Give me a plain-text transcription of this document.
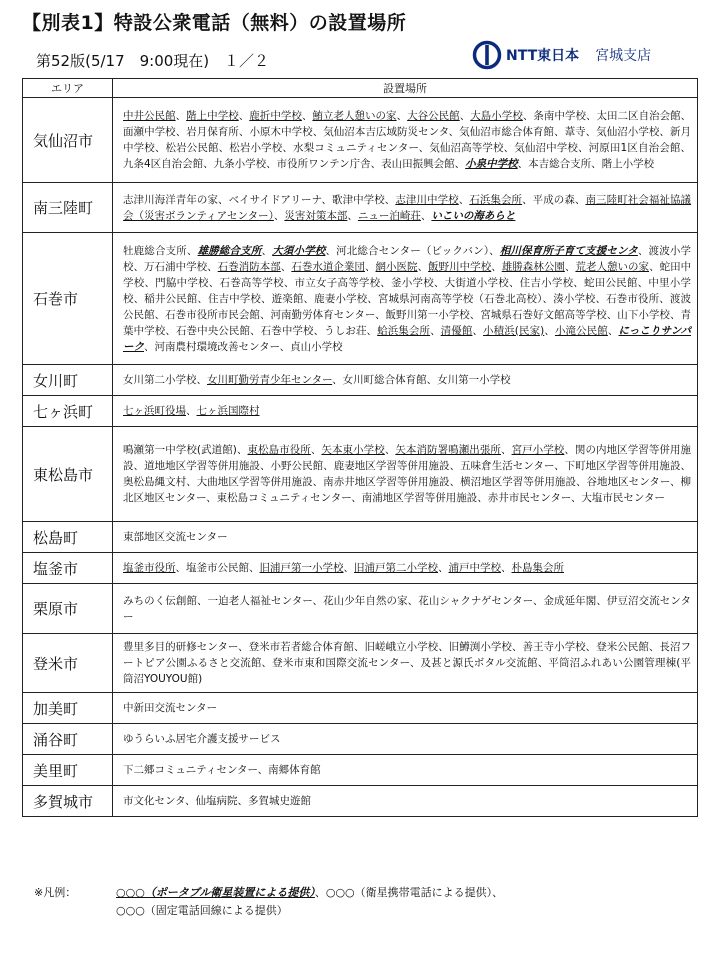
【別表1】特設公衆電話（無料）の設置場所
第52版(5/17　9:00現在) １／２	NTT東日本 宮城支店
エリア	設置場所
気仙沼市	中井公民館、階上中学校、鹿折中学校、鮪立老人憩いの家、大谷公民館、大島小学校、条南中学校、太田二区自治会館、面瀬中学校、岩月保育所、小原木中学校、気仙沼本吉広域防災センタ、気仙沼市総合体育館、葦寺、気仙沼小学校、新月中学校、松岩公民館、松岩小学校、水梨コミュニティセンター、気仙沼高等学校、気仙沼中学校、河原田1区自治会館、九条4区自治会館、九条小学校、市役所ワンテン庁舎、表山田振興会館、小泉中学校、本吉総合支所、階上小学校
南三陸町	志津川海洋青年の家、ベイサイドアリーナ、歌津中学校、志津川中学校、石浜集会所、平成の森、南三陸町社会福祉協議会（災害ボランティアセンター）、災害対策本部、ニュー泊崎荘、いこいの海あらと
石巻市	牡鹿総合支所、雄勝総合支所、大須小学校、河北総合センター（ビックバン）、相川保育所子育て支援センタ、渡波小学校、万石浦中学校、石巻消防本部、石巻水道企業団、網小医院、飯野川中学校、雄勝森林公園、荒老人憩いの家、蛇田中学校、門脇中学校、石巻高等学校、市立女子高等学校、釜小学校、大街道小学校、住吉小学校、蛇田公民館、中里小学校、稲井公民館、住吉中学校、遊楽館、鹿妻小学校、宮城県河南高等学校（石巻北高校）、湊小学校、石巻市役所、渡波公民館、石巻市役所市民会館、河南勤労体育センター、飯野川第一小学校、宮城県石巻好文館高等学校、山下小学校、青葉中学校、石巻中央公民館、石巻中学校、うしお荘、蛤浜集会所、清優館、小積浜(民家)、小滝公民館、にっこりサンパーク、河南農村環境改善センター、貞山小学校
女川町	女川第二小学校、女川町勤労青少年センター、女川町総合体育館、女川第一小学校
七ヶ浜町	七ヶ浜町役場、七ヶ浜国際村
東松島市	鳴瀬第一中学校(武道館)、東松島市役所、矢本東小学校、矢本消防署鳴瀬出張所、宮戸小学校、関の内地区学習等併用施設、道地地区学習等併用施設、小野公民館、鹿妻地区学習等併用施設、五味倉生活センター、下町地区学習等併用施設、奥松島縄文村、大曲地区学習等併用施設、南赤井地区学習等併用施設、横沼地区学習等併用施設、谷地地区センター、柳北区地区センター、東松島コミュニティセンター、南浦地区学習等併用施設、赤井市民センター、大塩市民センター
松島町	東部地区交流センター
塩釜市	塩釜市役所、塩釜市公民館、旧浦戸第一小学校、旧浦戸第二小学校、浦戸中学校、朴島集会所
栗原市	みちのく伝創館、一迫老人福祉センター、花山少年自然の家、花山シャクナゲセンター、金成延年閣、伊豆沼交流センター
登米市	豊里多目的研修センター、登米市若者総合体育館、旧嵯峨立小学校、旧鱒渕小学校、善王寺小学校、登米公民館、長沼フートピア公園ふるさと交流館、登米市東和国際交流センター、及甚と源氏ボタル交流館、平筒沼ふれあい公園管理棟(平筒沼YOUYOU館)
加美町	中新田交流センター
涌谷町	ゆうらいふ居宅介護支援サービス
美里町	下二郷コミュニティセンター、南郷体育館
多賀城市	市文化センタ、仙塩病院、多賀城史遊館
※凡例：	○○○（ポータブル衛星装置による提供）、○○○（衛星携帯電話による提供）、
○○○（固定電話回線による提供）
